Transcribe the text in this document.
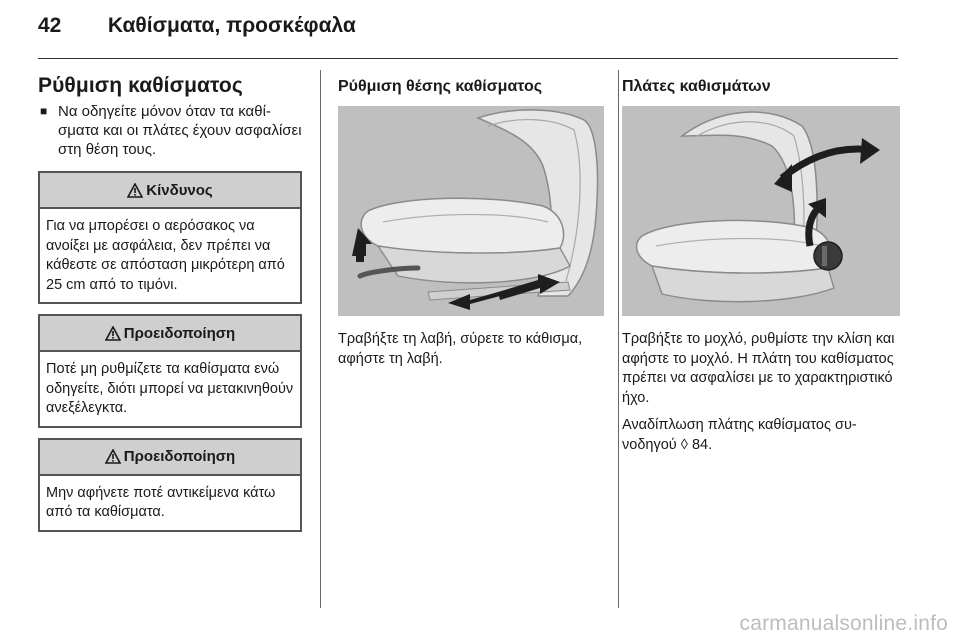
42 Καθίσματα, προσκέφαλα
Ρύθμιση καθίσματος
■ Να οδηγείτε μόνον όταν τα καθίσματα και οι πλάτες έχουν ασφαλίσει στη θέση τους.
Κίνδυνος
Για να μπορέσει ο αερόσακος να ανοίξει με ασφάλεια, δεν πρέπει να κάθεστε σε απόσταση μικρότερη από 25 cm από το τιμόνι.
Προειδοποίηση
Ποτέ μη ρυθμίζετε τα καθίσματα ενώ οδηγείτε, διότι μπορεί να μετακινηθούν ανεξέλεγκτα.
Προειδοποίηση
Μην αφήνετε ποτέ αντικείμενα κάτω από τα καθίσματα.
Ρύθμιση θέσης καθίσματος

Τραβήξτε τη λαβή, σύρετε το κάθισμα, αφήστε τη λαβή.

Πλάτες καθισμάτων

Τραβήξτε το μοχλό, ρυθμίστε την κλίση και αφήστε το μοχλό. Η πλάτη του καθίσματος πρέπει να ασφαλίσει με το χαρακτηριστικό ήχο.

Αναδίπλωση πλάτης καθίσματος συνοδηγού ◊ 84.

carmanualsonline.info
